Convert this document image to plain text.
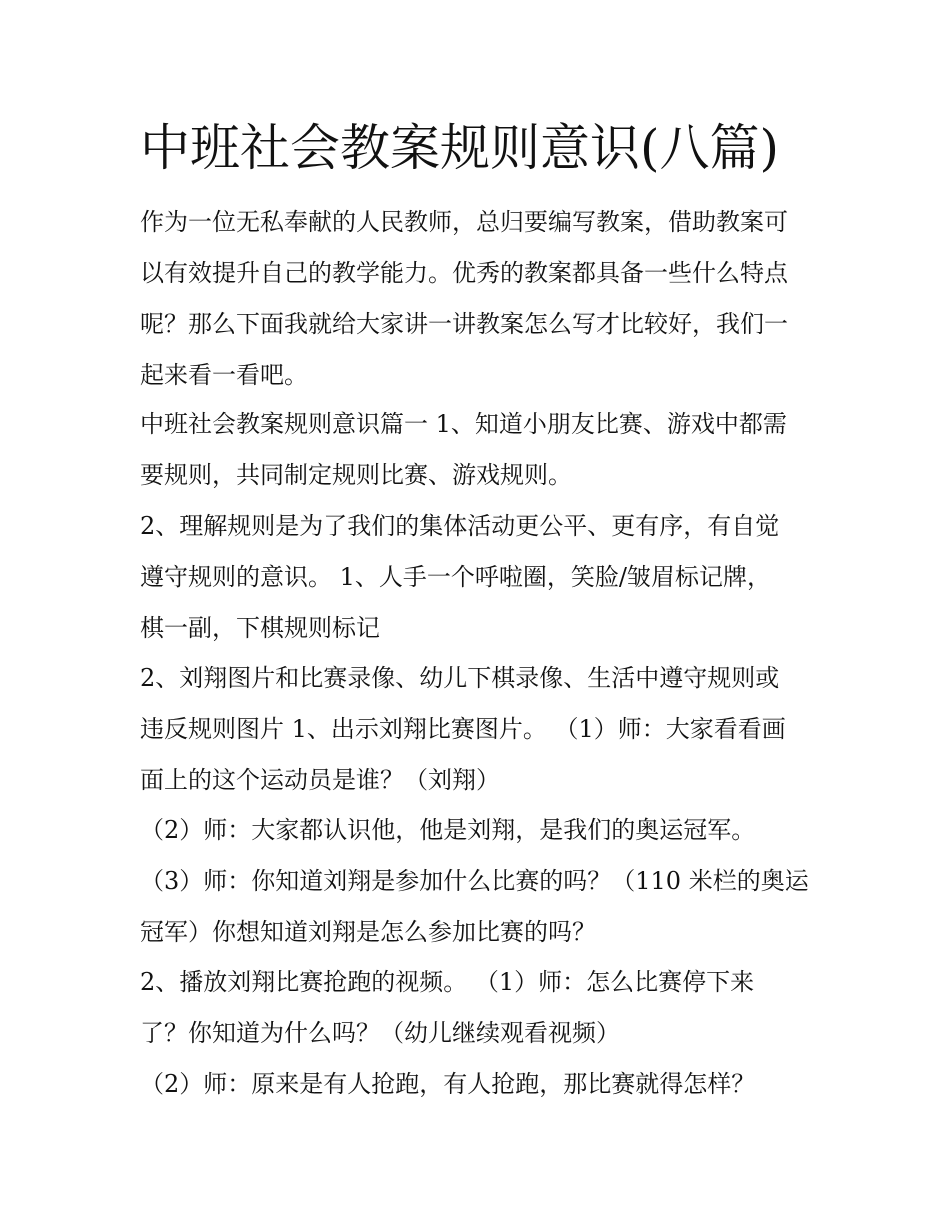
中班社会教案规则意识(八篇)

作为一位无私奉献的人民教师，总归要编写教案，借助教案可

以有效提升自己的教学能力。优秀的教案都具备一些什么特点

呢？那么下面我就给大家讲一讲教案怎么写才比较好，我们一

起来看一看吧。

中班社会教案规则意识篇一 1、知道小朋友比赛、游戏中都需

要规则，共同制定规则比赛、游戏规则。

2、理解规则是为了我们的集体活动更公平、更有序，有自觉

遵守规则的意识。 1、人手一个呼啦圈，笑脸/皱眉标记牌，

棋一副，下棋规则标记

2、刘翔图片和比赛录像、幼儿下棋录像、生活中遵守规则或

违反规则图片 1、出示刘翔比赛图片。 （1）师：大家看看画

面上的这个运动员是谁？（刘翔）

（2）师：大家都认识他，他是刘翔，是我们的奥运冠军。

（3）师：你知道刘翔是参加什么比赛的吗？（110 米栏的奥运

冠军）你想知道刘翔是怎么参加比赛的吗？

2、播放刘翔比赛抢跑的视频。 （1）师：怎么比赛停下来

了？你知道为什么吗？（幼儿继续观看视频）

（2）师：原来是有人抢跑，有人抢跑，那比赛就得怎样？
